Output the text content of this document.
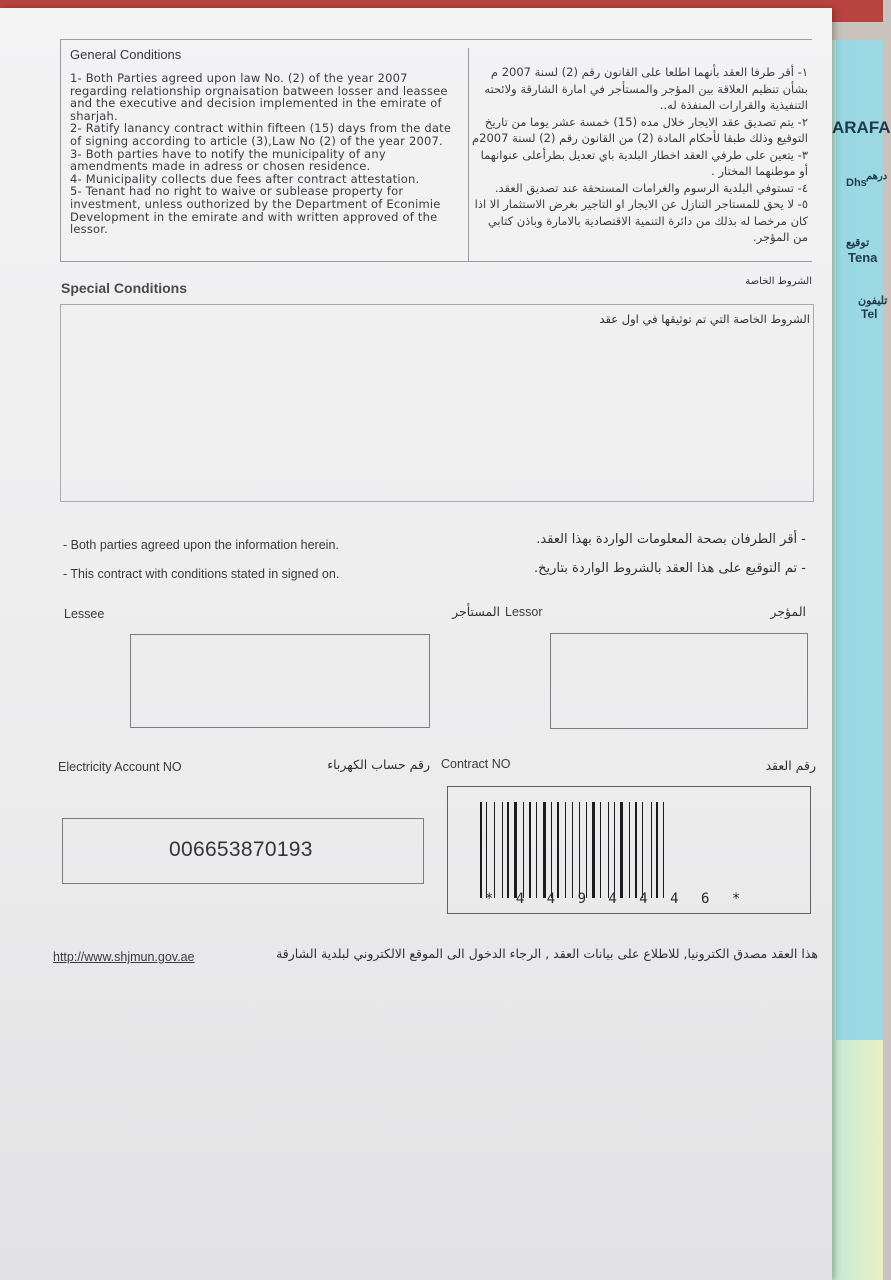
ARAFA
Dhs
درهم
توقيع
Tena
تليفون
Tel
General Conditions
1- Both Parties agreed upon law No. (2) of the year 2007
regarding relationship orgnaisation batween losser and leassee
and the executive and decision implemented in the emirate of
sharjah.
2- Ratify lanancy contract within fifteen (15) days from the date
of signing according to article (3),Law No (2) of the year 2007.
3- Both parties have to notify the municipality of any
amendments made in adress or chosen residence.
4- Municipality collects due fees after contract attestation.
5- Tenant had no right to waive or sublease property for
investment, unless outhorized by the Department of Econimie
Development in the emirate and with written approved of the
lessor.
١- أقر طرفا العقد بأنهما اطلعا على القانون رقم (2) لسنة 2007 م
بشأن تنظيم العلاقة بين المؤجر والمستأجر في امارة الشارقة ولائحته
التنفيذية والقرارات المنفذة له..
٢- يتم تصديق عقد الايجار خلال مده (15) خمسة عشر يوما من تاريخ
التوقيع وذلك طبقا لأحكام المادة (2) من القانون رقم (2) لسنة 2007م
٣- يتعين على طرفي العقد اخطار البلدية باي تعديل بطرأعلى عنوانهما
أو موطنهما المختار .
٤- تستوفي البلدية الرسوم والغرامات المستحقة عند تصديق العقد.
٥- لا يحق للمستاجر التنازل عن الايجار او التاجير بغرض الاستثمار الا اذا
كان مرخصا له بذلك من دائرة التنمية الاقتصادية بالامارة وباذن كتابي
من المؤجر.
Special Conditions	الشروط الخاصة
الشروط الخاصة التي تم توثيقها في اول عقد
- Both parties agreed upon the information herein.
- This contract with conditions stated in signed on.
- أقر الطرفان بصحة المعلومات الواردة بهذا العقد.
- تم التوقيع على هذا العقد بالشروط الواردة بتاريخ.
Lessee	المستأجر Lessor	المؤجر
Electricity Account NO	رقم حساب الكهرباء Contract NO	رقم العقد
006653870193
* 4 4 9 4 4 4 6 *
http://www.shjmun.gov.ae	هذا العقد مصدق الكترونيا, للاطلاع على بيانات العقد , الرجاء الدخول الى الموقع الالكتروني لبلدية الشارقة
